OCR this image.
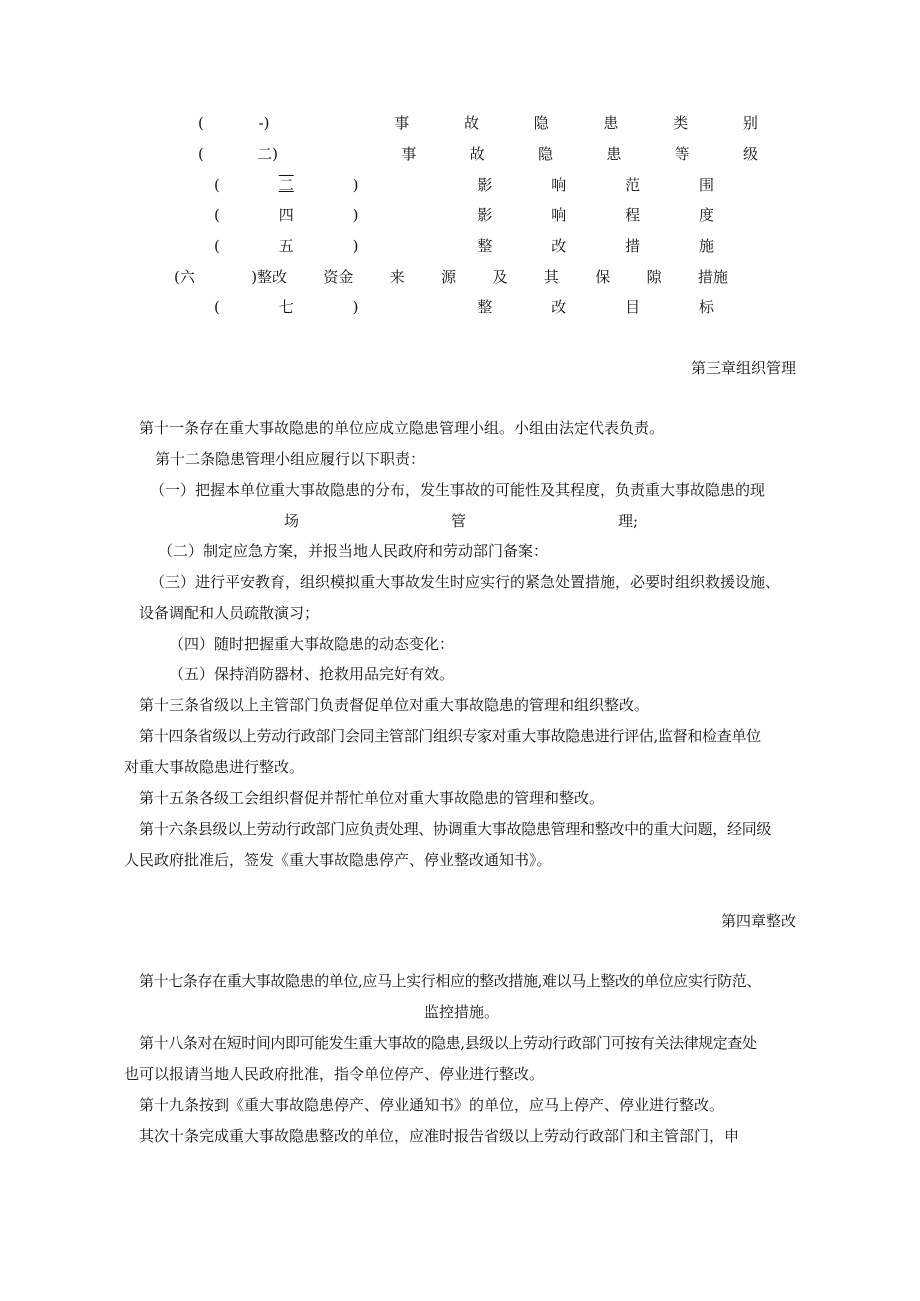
(	-)	事	故	隐	患	类	别
(	二)	事	故	隐	患	等	级
(	二	)	影	响	范	围
(	四	)	影	响	程	度
(	五	)	整	改	措	施
(六	)整改 资金 来 源 及 其 保 隙 措施
(	七	)	整	改	目	标
第三章组织管理
第十一条存在重大事故隐患的单位应成立隐患管理小组。小组由法定代表负责。
第十二条隐患管理小组应履行以下职责：
（一）把握本单位重大事故隐患的分布，发生事故的可能性及其程度，负责重大事故隐患的现
场	管	理;
（二）制定应急方案，并报当地人民政府和劳动部门备案：
（三）进行平安教育，组织模拟重大事故发生时应实行的紧急处置措施，必要时组织救援设施、
设备调配和人员疏散演习；
（四）随时把握重大事故隐患的动态变化：
（五）保持消防器材、抢救用品完好有效。
第十三条省级以上主管部门负责督促单位对重大事故隐患的管理和组织整改。
第十四条省级以上劳动行政部门会同主管部门组织专家对重大事故隐患进行评估,监督和检查单位
对重大事故隐患进行整改。
第十五条各级工会组织督促并帮忙单位对重大事故隐患的管理和整改。
第十六条县级以上劳动行政部门应负责处理、协调重大事故隐患管理和整改中的重大问题，经同级
人民政府批准后，签发《重大事故隐患停产、停业整改通知书》。
第四章整改
第十七条存在重大事故隐患的单位,应马上实行相应的整改措施,难以马上整改的单位应实行防范、
监控措施。
第十八条对在短时间内即可能发生重大事故的隐患,县级以上劳动行政部门可按有关法律规定查处
也可以报请当地人民政府批准，指令单位停产、停业进行整改。
第十九条按到《重大事故隐患停产、停业通知书》的单位，应马上停产、停业进行整改。
其次十条完成重大事故隐患整改的单位，应准时报告省级以上劳动行政部门和主管部门，申
